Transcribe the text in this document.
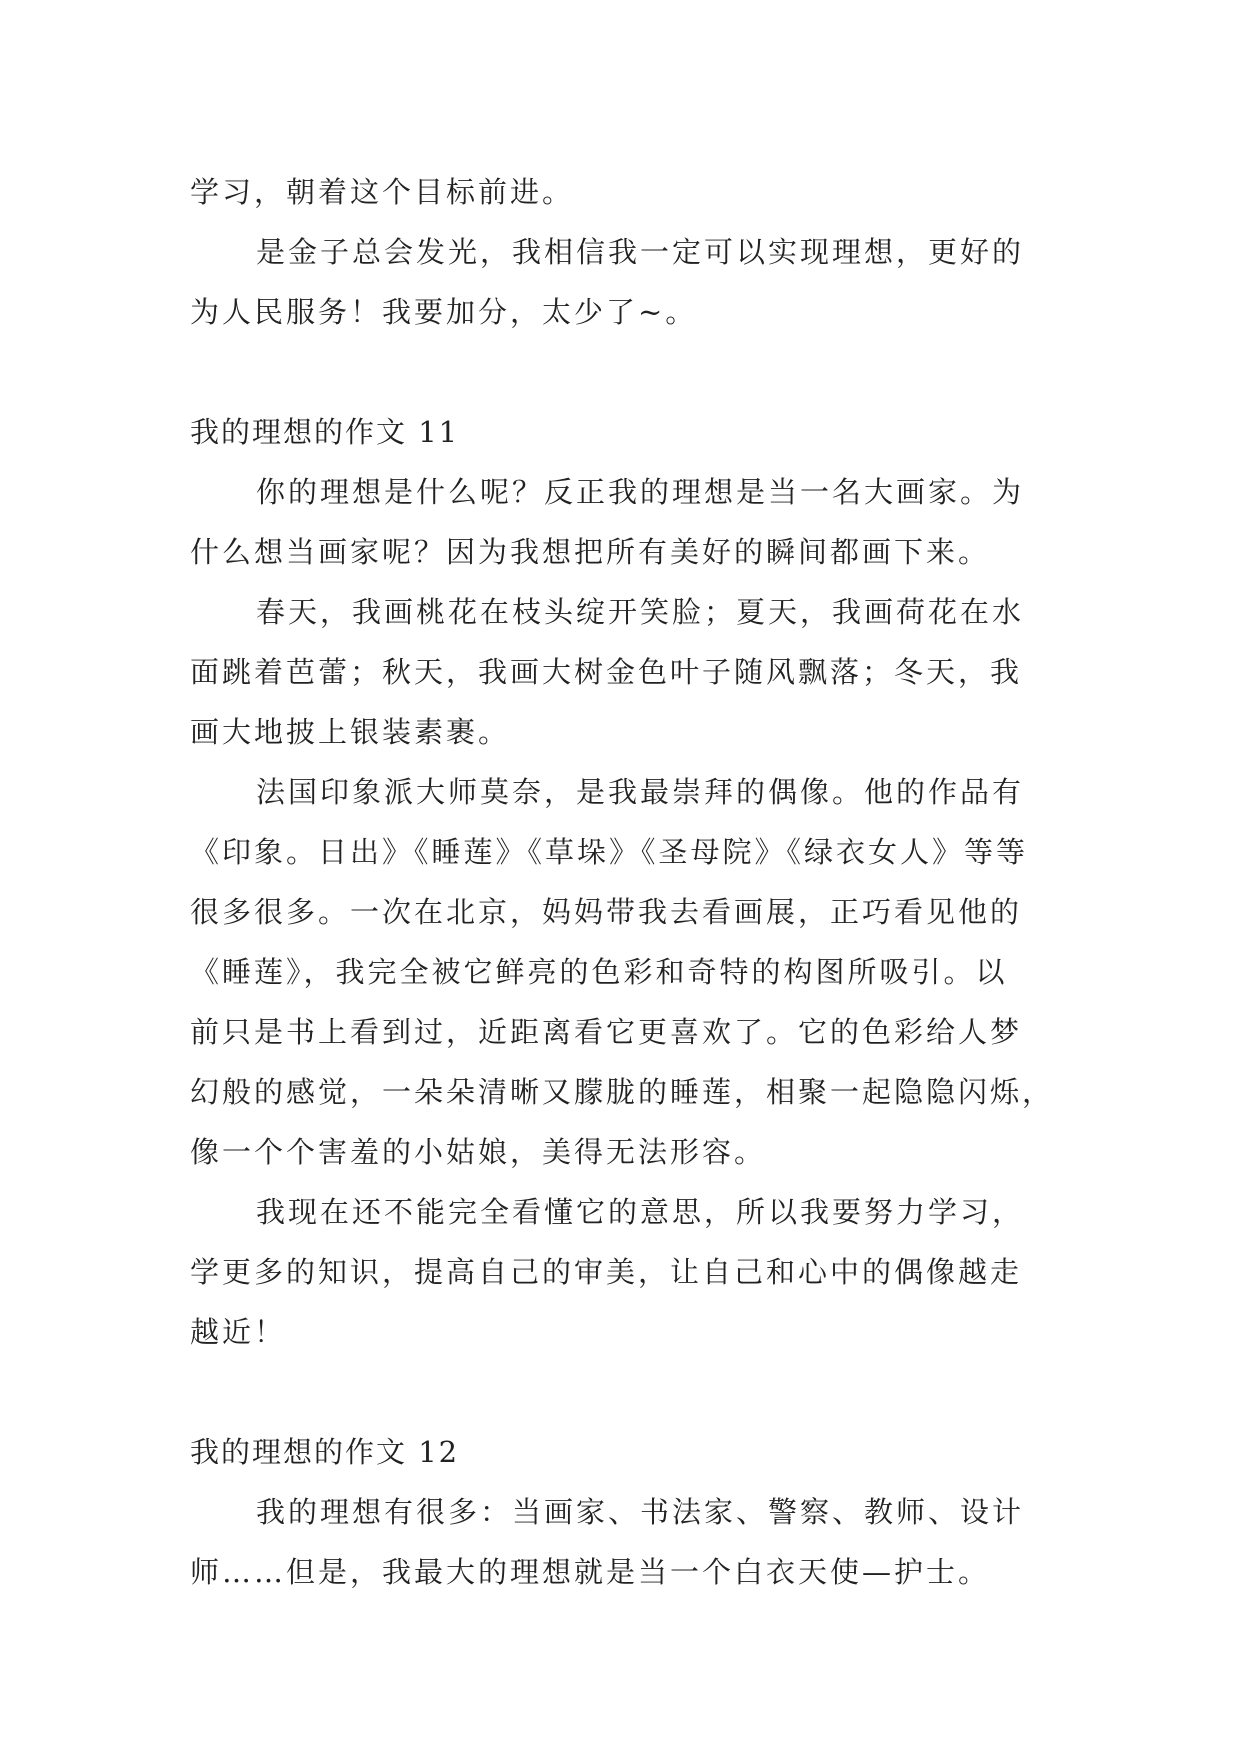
学习，朝着这个目标前进。

是金子总会发光，我相信我一定可以实现理想，更好的

为人民服务！我要加分，太少了~。

我的理想的作文 11

你的理想是什么呢？反正我的理想是当一名大画家。为

什么想当画家呢？因为我想把所有美好的瞬间都画下来。

春天，我画桃花在枝头绽开笑脸；夏天，我画荷花在水

面跳着芭蕾；秋天，我画大树金色叶子随风飘落；冬天，我

画大地披上银装素裹。

法国印象派大师莫奈，是我最崇拜的偶像。他的作品有

《印象。日出》《睡莲》《草垛》《圣母院》《绿衣女人》等等

很多很多。一次在北京，妈妈带我去看画展，正巧看见他的

《睡莲》，我完全被它鲜亮的色彩和奇特的构图所吸引。以

前只是书上看到过，近距离看它更喜欢了。它的色彩给人梦

幻般的感觉，一朵朵清晰又朦胧的睡莲，相聚一起隐隐闪烁，

像一个个害羞的小姑娘，美得无法形容。

我现在还不能完全看懂它的意思，所以我要努力学习，

学更多的知识，提高自己的审美，让自己和心中的偶像越走

越近！

我的理想的作文 12

我的理想有很多：当画家、书法家、警察、教师、设计

师……但是，我最大的理想就是当一个白衣天使—护士。
